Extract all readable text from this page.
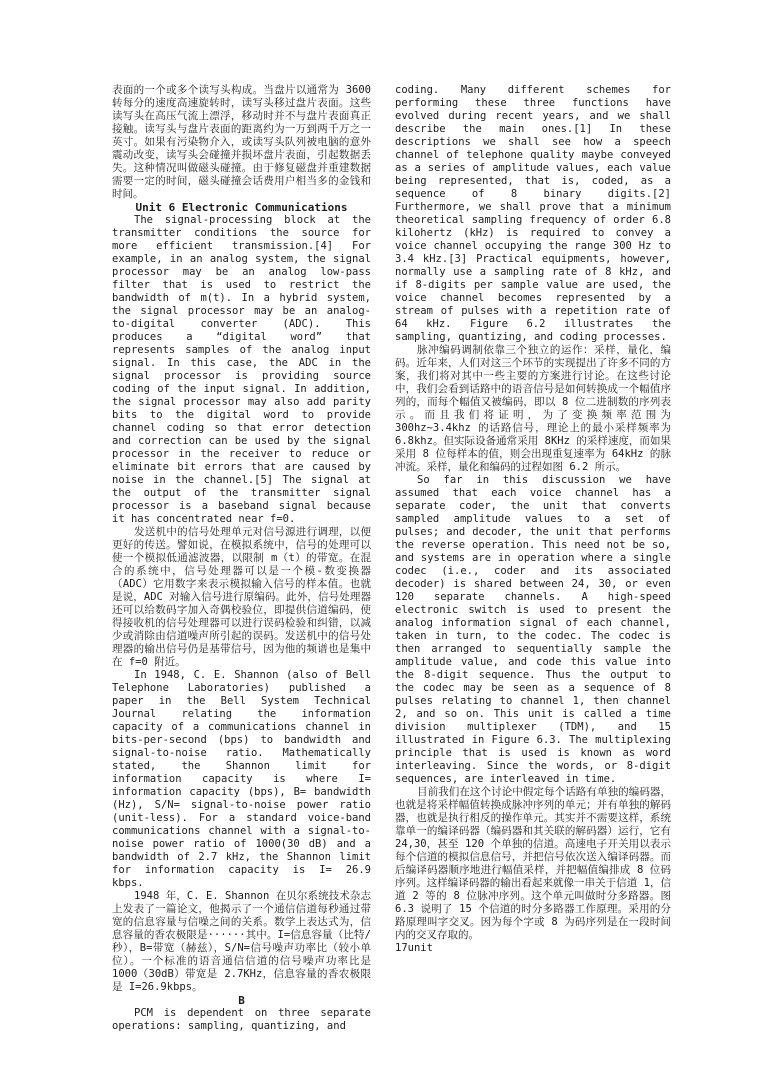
表面的一个或多个读写头构成。当盘片以通常为 3600 转每分的速度高速旋转时，读写头移过盘片表面。这些读写头在高压气流上漂浮，移动时并不与盘片表面真正接触。读写头与盘片表面的距离约为一万到两千万之一英寸。如果有污染物介入，或读写头队列被电脑的意外震动改变，读写头会碰撞并损坏盘片表面，引起数据丢失。这种情况叫做磁头碰撞。由于修复磁盘并重建数据需要一定的时间，磁头碰撞会话费用户相当多的金钱和时间。

Unit 6 Electronic Communications

The signal-processing block at the transmitter conditions the source for more efficient transmission.[4] For example, in an analog system, the signal processor may be an analog low-pass filter that is used to restrict the bandwidth of m(t). In a hybrid system, the signal processor may be an analog-to-digital converter (ADC). This produces a “digital word” that represents samples of the analog input signal. In this case, the ADC in the signal processor is providing source coding of the input signal. In addition, the signal processor may also add parity bits to the digital word to provide channel coding so that error detection and correction can be used by the signal processor in the receiver to reduce or eliminate bit errors that are caused by noise in the channel.[5] The signal at the output of the transmitter signal processor is a baseband signal because it has concentrated near f=0.

发送机中的信号处理单元对信号源进行调理，以便更好的传送。譬如说，在模拟系统中，信号的处理可以使一个模拟低通滤波器，以限制 m（t）的带宽。在混合的系统中，信号处理器可以是一个模-数变换器（ADC）它用数字来表示模拟输入信号的样本值。也就是说，ADC 对输入信号进行原编码。此外，信号处理器还可以给数码字加入奇偶校验位，即提供信道编码，使得接收机的信号处理器可以进行误码检验和纠错，以减少或消除由信道噪声所引起的误码。发送机中的信号处理器的输出信号仍是基带信号，因为他的频谱也是集中在 f=0 附近。

In 1948, C. E. Shannon (also of Bell Telephone Laboratories) published a paper in the Bell System Technical Journal relating the information capacity of a communications channel in bits-per-second (bps) to bandwidth and signal-to-noise ratio. Mathematically stated, the Shannon limit for information capacity is where I= information capacity (bps), B= bandwidth (Hz), S/N= signal-to-noise power ratio (unit-less). For a standard voice-band communications channel with a signal-to-noise power ratio of 1000(30 dB) and a bandwidth of 2.7 kHz, the Shannon limit for information capacity is I= 26.9 kbps.

1948 年，C. E. Shannon 在贝尔系统技术杂志上发表了一篇论文，他揭示了一个通信信道每秒通过带宽的信息容量与信噪之间的关系。数学上表达式为，信息容量的香农极限是······其中。I=信息容量（比特/秒），B=带宽（赫兹），S/N=信号噪声功率比（较小单位）。一个标准的语音通信信道的信号噪声功率比是 1000（30dB）带宽是 2.7KHz，信息容量的香农极限是 I=26.9kbps。

B

PCM is dependent on three separate operations: sampling, quantizing, and

coding. Many different schemes for performing these three functions have evolved during recent years, and we shall describe the main ones.[1] In these descriptions we shall see how a speech channel of telephone quality maybe conveyed as a series of amplitude values, each value being represented, that is, coded, as a sequence of 8 binary digits.[2] Furthermore, we shall prove that a minimum theoretical sampling frequency of order 6.8 kilohertz (kHz) is required to convey a voice channel occupying the range 300 Hz to 3.4 kHz.[3] Practical equipments, however, normally use a sampling rate of 8 kHz, and if 8-digits per sample value are used, the voice channel becomes represented by a stream of pulses with a repetition rate of 64 kHz. Figure 6.2 illustrates the sampling, quantizing, and coding processes.

脉冲编码调制依靠三个独立的运作：采样，量化，编码。近年来，人们对这三个环节的实现提出了许多不同的方案，我们将对其中一些主要的方案进行讨论。在这些讨论中，我们会看到话路中的语音信号是如何转换成一个幅值序列的，而每个幅值又被编码，即以 8 位二进制数的序列表示。而且我们将证明，为了变换频率范围为 300hz~3.4khz 的话路信号，理论上的最小采样频率为 6.8khz。但实际设备通常采用 8KHz 的采样速度，而如果采用 8 位每样本的值，则会出现重复速率为 64kHz 的脉冲流。采样，量化和编码的过程如图 6.2 所示。

So far in this discussion we have assumed that each voice channel has a separate coder, the unit that converts sampled amplitude values to a set of pulses; and decoder, the unit that performs the reverse operation. This need not be so, and systems are in operation where a single codec (i.e., coder and its associated decoder) is shared between 24, 30, or even 120 separate channels. A high-speed electronic switch is used to present the analog information signal of each channel, taken in turn, to the codec. The codec is then arranged to sequentially sample the amplitude value, and code this value into the 8-digit sequence. Thus the output to the codec may be seen as a sequence of 8 pulses relating to channel 1, then channel 2, and so on. This unit is called a time division multiplexer (TDM), and 15 illustrated in Figure 6.3. The multiplexing principle that is used is known as word interleaving. Since the words, or 8-digit sequences, are interleaved in time.

目前我们在这个讨论中假定每个话路有单独的编码器，也就是将采样幅值转换成脉冲序列的单元；并有单独的解码器，也就是执行相反的操作单元。其实并不需要这样，系统靠单一的编译码器（编码器和其关联的解码器）运行，它有 24,30，甚至 120 个单独的信道。高速电子开关用以表示每个信道的模拟信息信号，并把信号依次送入编译码器。而后编译码器顺序地进行幅值采样，并把幅值编排成 8 位码序列。这样编译码器的输出看起来就像一串关于信道 1，信道 2 等的 8 位脉冲序列。这个单元叫做时分多路器。图 6.3 说明了 15 个信道的时分多路器工作原理。采用的分路原理叫字交叉。因为每个字或 8 为码序列是在一段时间内的交叉存取的。

17unit
